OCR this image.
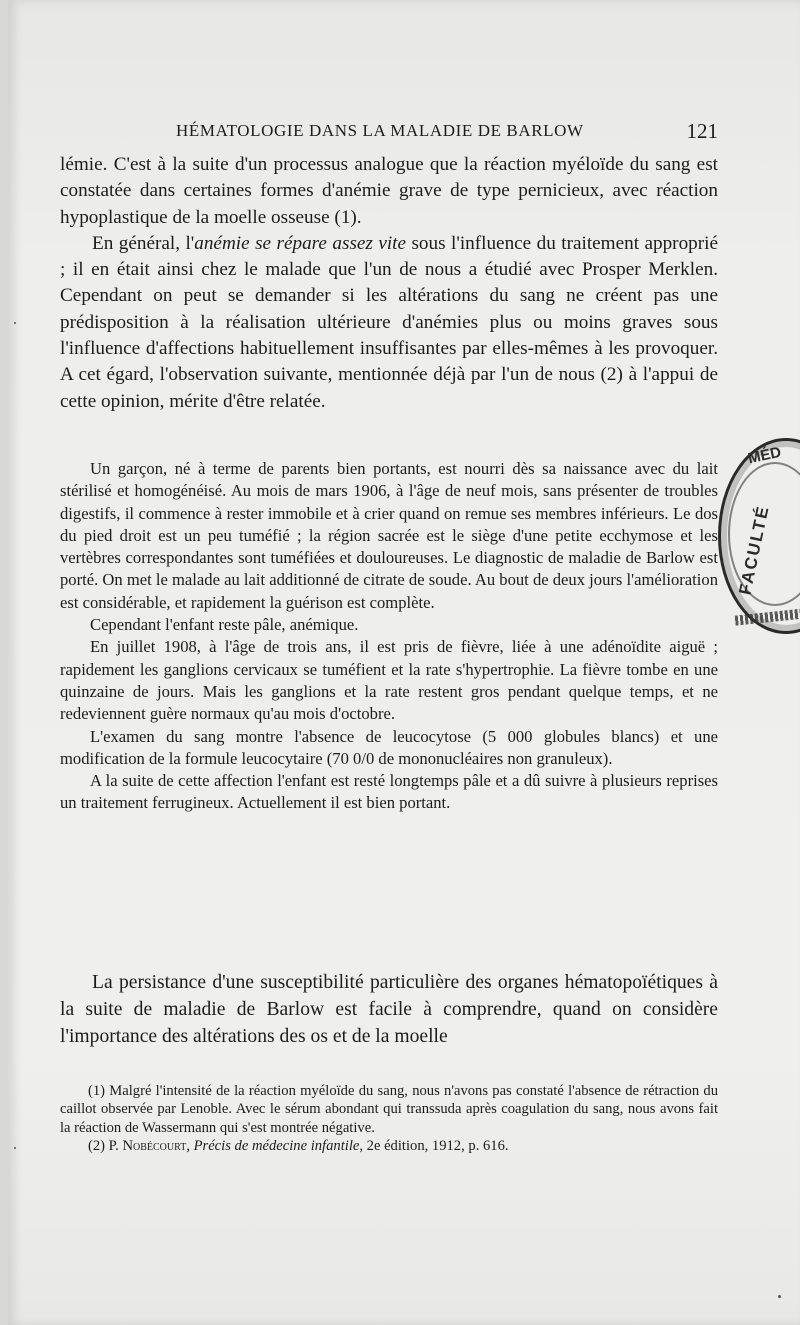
HÉMATOLOGIE DANS LA MALADIE DE BARLOW	121

lémie. C'est à la suite d'un processus analogue que la réaction myéloïde du sang est constatée dans certaines formes d'anémie grave de type pernicieux, avec réaction hypoplastique de la moelle osseuse (1).

En général, l'anémie se répare assez vite sous l'influence du traitement approprié ; il en était ainsi chez le malade que l'un de nous a étudié avec Prosper Merklen. Cependant on peut se demander si les altérations du sang ne créent pas une prédisposition à la réalisation ultérieure d'anémies plus ou moins graves sous l'influence d'affections habituellement insuffisantes par elles-mêmes à les provoquer. A cet égard, l'observation suivante, mentionnée déjà par l'un de nous (2) à l'appui de cette opinion, mérite d'être relatée.

Un garçon, né à terme de parents bien portants, est nourri dès sa naissance avec du lait stérilisé et homogénéisé. Au mois de mars 1906, à l'âge de neuf mois, sans présenter de troubles digestifs, il commence à rester immobile et à crier quand on remue ses membres inférieurs. Le dos du pied droit est un peu tuméfié ; la région sacrée est le siège d'une petite ecchymose et les vertèbres correspondantes sont tuméfiées et douloureuses. Le diagnostic de maladie de Barlow est porté. On met le malade au lait additionné de citrate de soude. Au bout de deux jours l'amélioration est considérable, et rapidement la guérison est complète.

Cependant l'enfant reste pâle, anémique.

En juillet 1908, à l'âge de trois ans, il est pris de fièvre, liée à une adénoïdite aiguë ; rapidement les ganglions cervicaux se tuméfient et la rate s'hypertrophie. La fièvre tombe en une quinzaine de jours. Mais les ganglions et la rate restent gros pendant quelque temps, et ne redeviennent guère normaux qu'au mois d'octobre.

L'examen du sang montre l'absence de leucocytose (5 000 globules blancs) et une modification de la formule leucocytaire (70 0/0 de mononucléaires non granuleux).

A la suite de cette affection l'enfant est resté longtemps pâle et a dû suivre à plusieurs reprises un traitement ferrugineux. Actuellement il est bien portant.

La persistance d'une susceptibilité particulière des organes hématopoïétiques à la suite de maladie de Barlow est facile à comprendre, quand on considère l'importance des altérations des os et de la moelle

(1) Malgré l'intensité de la réaction myéloïde du sang, nous n'avons pas constaté l'absence de rétraction du caillot observée par Lenoble. Avec le sérum abondant qui transsuda après coagulation du sang, nous avons fait la réaction de Wassermann qui s'est montrée négative.

(2) P. Nobécourt, Précis de médecine infantile, 2e édition, 1912, p. 616.

MÉD
FACULTÉ
